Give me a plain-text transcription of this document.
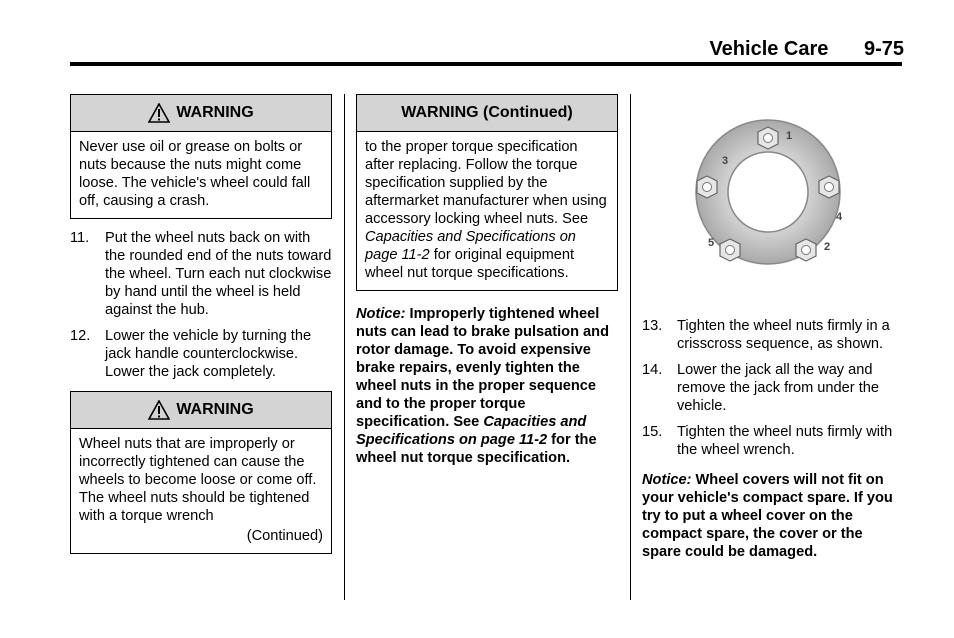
Vehicle Care 9-75
WARNING
Never use oil or grease on bolts or nuts because the nuts might come loose. The vehicle's wheel could fall off, causing a crash.
11.	Put the wheel nuts back on with the rounded end of the nuts toward the wheel. Turn each nut clockwise by hand until the wheel is held against the hub.
12.	Lower the vehicle by turning the jack handle counterclockwise. Lower the jack completely.
WARNING
Wheel nuts that are improperly or incorrectly tightened can cause the wheels to become loose or come off. The wheel nuts should be tightened with a torque wrench
(Continued)
WARNING (Continued)
to the proper torque specification after replacing. Follow the torque specification supplied by the aftermarket manufacturer when using accessory locking wheel nuts. See Capacities and Specifications on page 11-2 for original equipment wheel nut torque specifications.
Notice: Improperly tightened wheel nuts can lead to brake pulsation and rotor damage. To avoid expensive brake repairs, evenly tighten the wheel nuts in the proper sequence and to the proper torque specification. See Capacities and Specifications on page 11-2 for the wheel nut torque specification.
1
2
3
4
5
13.	Tighten the wheel nuts firmly in a crisscross sequence, as shown.
14.	Lower the jack all the way and remove the jack from under the vehicle.
15.	Tighten the wheel nuts firmly with the wheel wrench.
Notice: Wheel covers will not fit on your vehicle's compact spare. If you try to put a wheel cover on the compact spare, the cover or the spare could be damaged.
